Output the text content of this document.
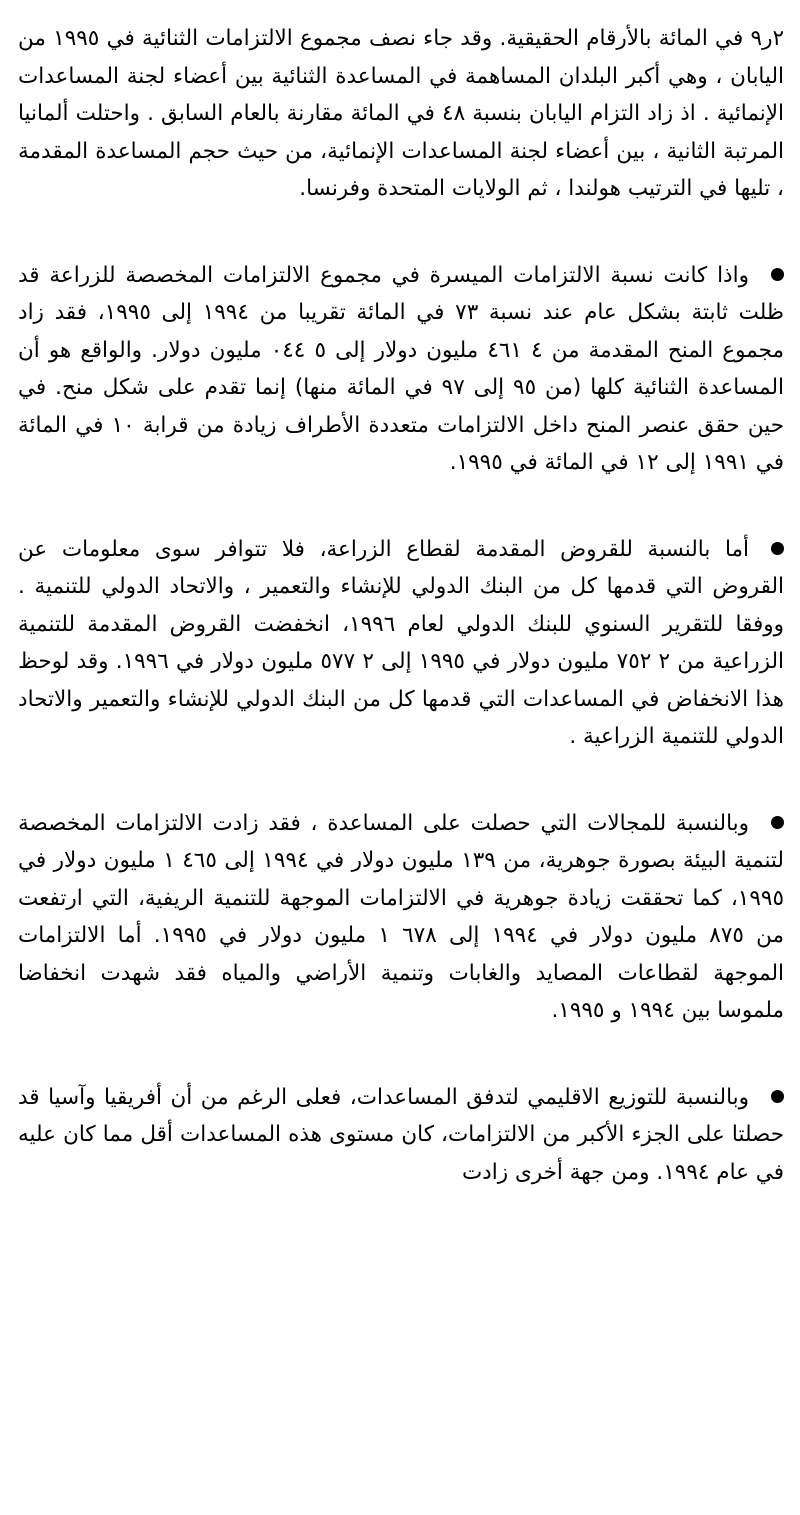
٢ر٩ في المائة بالأرقام الحقيقية. وقد جاء نصف مجموع الالتزامات الثنائية في ١٩٩٥ من اليابان ، وهي أكبر البلدان المساهمة في المساعدة الثنائية بين أعضاء لجنة المساعدات الإنمائية . اذ زاد التزام اليابان بنسبة ٤٨ في المائة مقارنة بالعام السابق . واحتلت ألمانيا المرتبة الثانية ، بين أعضاء لجنة المساعدات الإنمائية، من حيث حجم المساعدة المقدمة ، تليها في الترتيب هولندا ، ثم الولايات المتحدة وفرنسا.

واذا كانت نسبة الالتزامات الميسرة في مجموع الالتزامات المخصصة للزراعة قد ظلت ثابتة بشكل عام عند نسبة ٧٣ في المائة تقريبا من ١٩٩٤ إلى ١٩٩٥، فقد زاد مجموع المنح المقدمة من ٤ ٤٦١ مليون دولار إلى ٥ ٠٤٤ مليون دولار. والواقع هو أن المساعدة الثنائية كلها (من ٩٥ إلى ٩٧ في المائة منها) إنما تقدم على شكل منح. في حين حقق عنصر المنح داخل الالتزامات متعددة الأطراف زيادة من قرابة ١٠ في المائة في ١٩٩١ إلى ١٢ في المائة في ١٩٩٥.

أما بالنسبة للقروض المقدمة لقطاع الزراعة، فلا تتوافر سوى معلومات عن القروض التي قدمها كل من البنك الدولي للإنشاء والتعمير ، والاتحاد الدولي للتنمية . ووفقا للتقرير السنوي للبنك الدولي لعام ١٩٩٦، انخفضت القروض المقدمة للتنمية الزراعية من ٢ ٧٥٢ مليون دولار في ١٩٩٥ إلى ٢ ٥٧٧ مليون دولار في ١٩٩٦. وقد لوحظ هذا الانخفاض في المساعدات التي قدمها كل من البنك الدولي للإنشاء والتعمير والاتحاد الدولي للتنمية الزراعية .

وبالنسبة للمجالات التي حصلت على المساعدة ، فقد زادت الالتزامات المخصصة لتنمية البيئة بصورة جوهرية، من ١٣٩ مليون دولار في ١٩٩٤ إلى ٤٦٥ ١ مليون دولار في ١٩٩٥، كما تحققت زيادة جوهرية في الالتزامات الموجهة للتنمية الريفية، التي ارتفعت من ٨٧٥ مليون دولار في ١٩٩٤ إلى ٦٧٨ ١ مليون دولار في ١٩٩٥. أما الالتزامات الموجهة لقطاعات المصايد والغابات وتنمية الأراضي والمياه فقد شهدت انخفاضا ملموسا بين ١٩٩٤ و ١٩٩٥.

وبالنسبة للتوزيع الاقليمي لتدفق المساعدات، فعلى الرغم من أن أفريقيا وآسيا قد حصلتا على الجزء الأكبر من الالتزامات، كان مستوى هذه المساعدات أقل مما كان عليه في عام ١٩٩٤. ومن جهة أخرى زادت
